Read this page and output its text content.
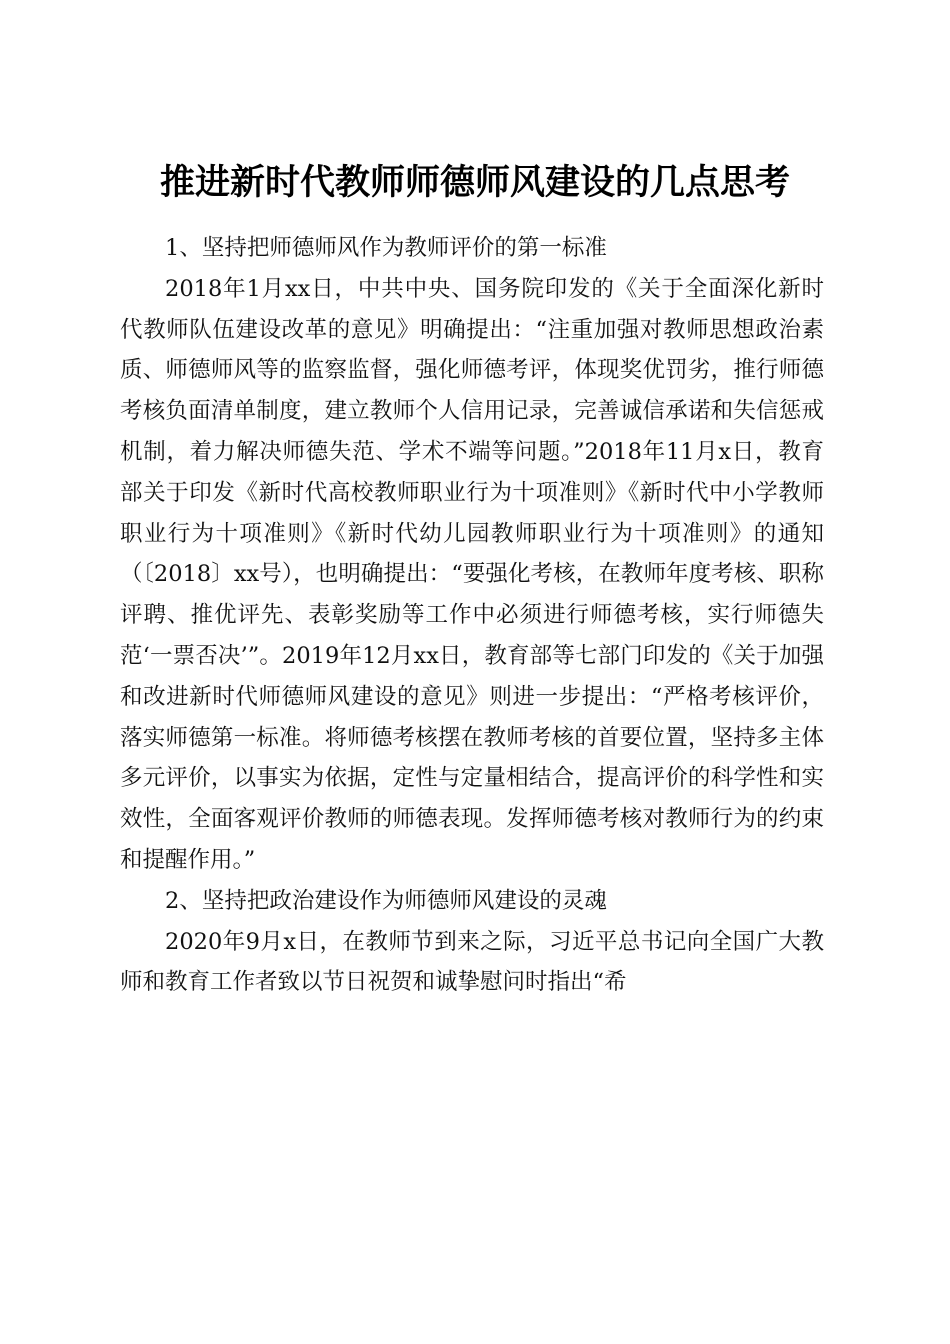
推进新时代教师师德师风建设的几点思考

1、坚持把师德师风作为教师评价的第一标准

2018年1月xx日，中共中央、国务院印发的《关于全面深化新时代教师队伍建设改革的意见》明确提出：“注重加强对教师思想政治素质、师德师风等的监察监督，强化师德考评，体现奖优罚劣，推行师德考核负面清单制度，建立教师个人信用记录，完善诚信承诺和失信惩戒机制，着力解决师德失范、学术不端等问题。”2018年11月x日，教育部关于印发《新时代高校教师职业行为十项准则》《新时代中小学教师职业行为十项准则》《新时代幼儿园教师职业行为十项准则》的通知（〔2018〕xx号），也明确提出：“要强化考核，在教师年度考核、职称评聘、推优评先、表彰奖励等工作中必须进行师德考核，实行师德失范‘一票否决’”。2019年12月xx日，教育部等七部门印发的《关于加强和改进新时代师德师风建设的意见》则进一步提出：“严格考核评价，落实师德第一标准。将师德考核摆在教师考核的首要位置，坚持多主体多元评价，以事实为依据，定性与定量相结合，提高评价的科学性和实效性，全面客观评价教师的师德表现。发挥师德考核对教师行为的约束和提醒作用。”

2、坚持把政治建设作为师德师风建设的灵魂

2020年9月x日，在教师节到来之际，习近平总书记向全国广大教师和教育工作者致以节日祝贺和诚挚慰问时指出“希
